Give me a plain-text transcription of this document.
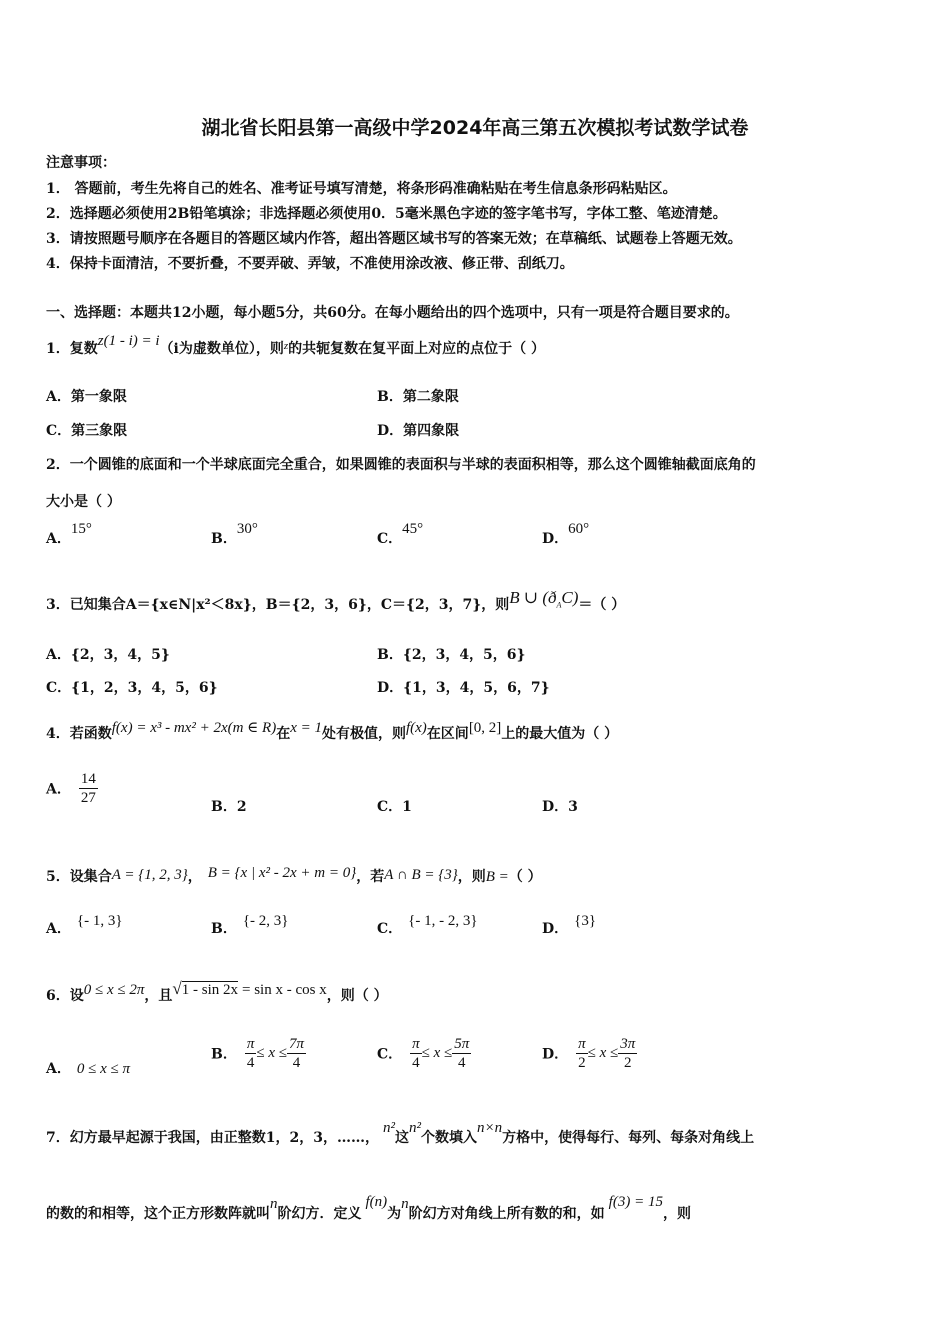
湖北省长阳县第一高级中学2024年高三第五次模拟考试数学试卷
注意事项：
1． 答题前，考生先将自己的姓名、准考证号填写清楚，将条形码准确粘贴在考生信息条形码粘贴区。
2．选择题必须使用2B铅笔填涂；非选择题必须使用0．5毫米黑色字迹的签字笔书写，字体工整、笔迹清楚。
3．请按照题号顺序在各题目的答题区域内作答，超出答题区域书写的答案无效；在草稿纸、试题卷上答题无效。
4．保持卡面清洁，不要折叠，不要弄破、弄皱，不准使用涂改液、修正带、刮纸刀。
一、选择题：本题共12小题，每小题5分，共60分。在每小题给出的四个选项中，只有一项是符合题目要求的。
1．复数z(1 - i) = i（i为虚数单位），则$^z$的共轭复数在复平面上对应的点位于（ ）
A．第一象限	B．第二象限
C．第三象限	D．第四象限
2．一个圆锥的底面和一个半球底面完全重合，如果圆锥的表面积与半球的表面积相等，那么这个圆锥轴截面底角的
大小是（ ）
A．15°
B．30°
C．45°
D．60°
3．已知集合A＝{x∈N|x²＜8x}，B＝{2，3，6}，C＝{2，3，7}，则B ∪ $(ð_AC)=$（ ）
A．{2，3，4，5}	B．{2，3，4，5，6}
C．{1，2，3，4，5，6}	D．{1，3，4，5，6，7}
4．若函数f(x) = x³ - mx² + 2x(m ∈ R)在x = 1处有极值，则f(x)在区间[0, 2]上的最大值为（ ）
A． $\frac{14}{27}$	B．2	C．1	D．3
5．设集合A = {1, 2, 3}， B = {x | x² - 2x + m = 0}，若A ∩ B = {3}，则B =（ ）
A． {- 1, 3}	B． {- 2, 3}	C． {- 1, - 2, 3}	D． {3}
6．设0 ≤ x ≤ 2π，且√1 - sin 2x = sin x - cos x，则（ ）
A． 0 ≤ x ≤ π
B． $\frac{\pi}{4} \le x \le \frac{7\pi}{4}$	C． $\frac{\pi}{4} \le x \le \frac{5\pi}{4}$	D． $\frac{\pi}{2} \le x \le \frac{3\pi}{2}$
7．幻方最早起源于我国，由正整数1，2，3，……，n²这n²个数填入n×n方格中，使得每行、每列、每条对角线上
的数的和相等，这个正方形数阵就叫n阶幻方．定义f(n)为n阶幻方对角线上所有数的和，如f(3) = 15，则
